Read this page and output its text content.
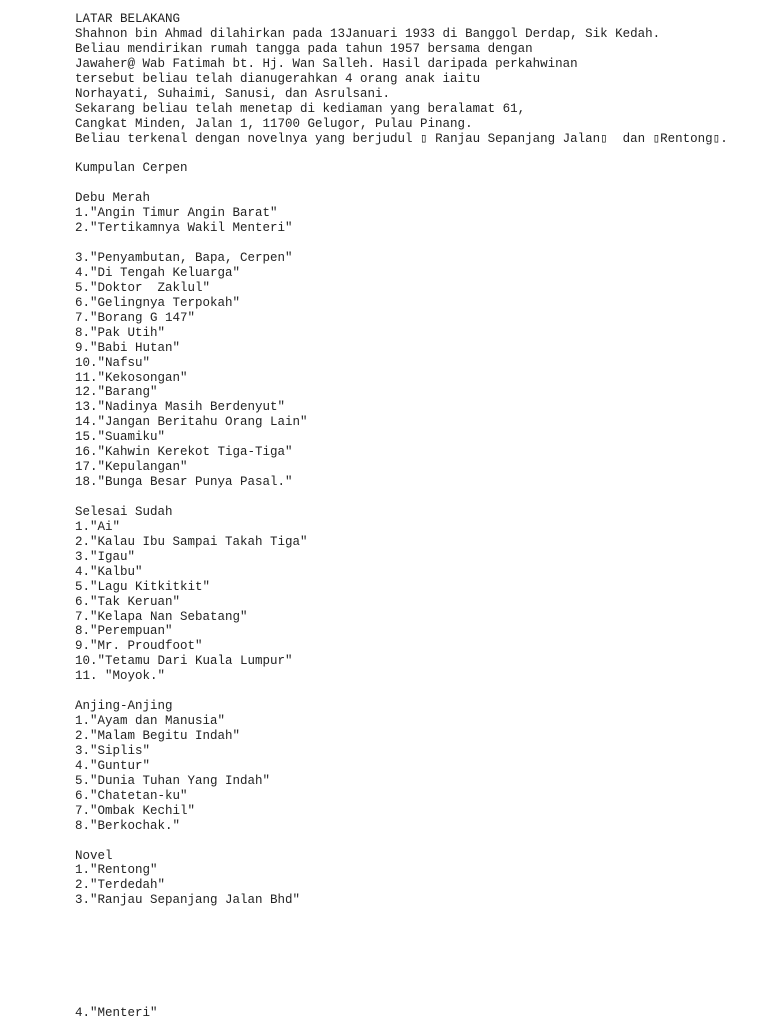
LATAR BELAKANG
Shahnon bin Ahmad dilahirkan pada 13Januari 1933 di Banggol Derdap, Sik Kedah.
Beliau mendirikan rumah tangga pada tahun 1957 bersama dengan
Jawaher@ Wab Fatimah bt. Hj. Wan Salleh. Hasil daripada perkahwinan
tersebut beliau telah dianugerahkan 4 orang anak iaitu
Norhayati, Suhaimi, Sanusi, dan Asrulsani.
Sekarang beliau telah menetap di kediaman yang beralamat 61,
Cangkat Minden, Jalan 1, 11700 Gelugor, Pulau Pinang.
Beliau terkenal dengan novelnya yang berjudul ▯ Ranjau Sepanjang Jalan▯  dan ▯Rentong▯.
Kumpulan Cerpen
Debu Merah
1."Angin Timur Angin Barat"
2."Tertikamnya Wakil Menteri"
3."Penyambutan, Bapa, Cerpen"
4."Di Tengah Keluarga"
5."Doktor  Zaklul"
6."Gelingnya Terpokah"
7."Borang G 147"
8."Pak Utih"
9."Babi Hutan"
10."Nafsu"
11."Kekosongan"
12."Barang"
13."Nadinya Masih Berdenyut"
14."Jangan Beritahu Orang Lain"
15."Suamiku"
16."Kahwin Kerekot Tiga-Tiga"
17."Kepulangan"
18."Bunga Besar Punya Pasal."
Selesai Sudah
1."Ai"
2."Kalau Ibu Sampai Takah Tiga"
3."Igau"
4."Kalbu"
5."Lagu Kitkitkit"
6."Tak Keruan"
7."Kelapa Nan Sebatang"
8."Perempuan"
9."Mr. Proudfoot"
10."Tetamu Dari Kuala Lumpur"
11. "Moyok."
Anjing-Anjing
1."Ayam dan Manusia"
2."Malam Begitu Indah"
3."Siplis"
4."Guntur"
5."Dunia Tuhan Yang Indah"
6."Chatetan-ku"
7."Ombak Kechil"
8."Berkochak."
Novel
1."Rentong"
2."Terdedah"
3."Ranjau Sepanjang Jalan Bhd"
4."Menteri"
